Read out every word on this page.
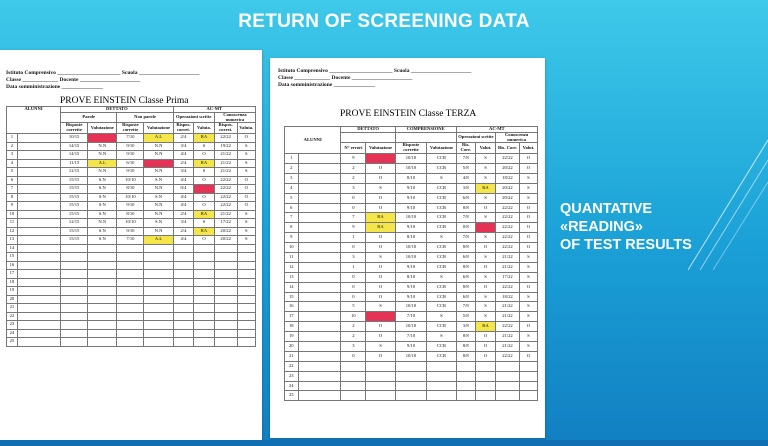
RETURN OF SCREENING DATA
QUANTATIVE
«READING»
OF TEST RESULTS
Istituto Comprensivo _______________________ Scuola ______________________
Classe _____________ Docente ______________________
Data somministrazione _______________
PROVE EINSTEIN Classe Prima
ALUNNI		DETTATO				AC-MT			
		Parole		Non parole		Operazioni scritte		Conoscenza numerica	
		Risposte corrette	Valutazione	Risposte corrette	Valutazione	Rispos. corret.	Valuta.	Rispos. corret.	Valuta.
1		10/15		7/10	A.L	2/4	RA	22/22	O
2		14/15	N.N	9/10	N.N	3/4	S	19/22	S
3		14/15	N.N	9/10	N.N	4/4	O	21/22	S
4		11/15	A.L	6/10		2/4	RA	21/22	S
5		12/15	N.N	9/10	N.N	3/4	S	21/22	S
6		15/15	S.N	10/10	S.N	4/4	O	22/22	O
7		15/15	S.N	8/10	N.N	0/4		22/22	O
8		15/15	S.N	10/10	S.N	4/4	O	22/22	O
9		15/15	S.N	9/10	N.N	4/4	O	22/22	O
10		15/15	S.N	8/10	N.N	2/4	RA	21/22	S
11		12/15	N.N	10/10	S.N	3/4	S	17/22	S
12		15/15	S.N	9/10	N.N	2/4	RA	20/22	S
13		15/15	S.N	7/10	A.L	4/4	O	20/22	S
14									
15									
16									
17									
18									
19									
20									
21									
22									
23									
24									
25									
Istituto Comprensivo _______________________ Scuola ______________________
Classe _____________ Docente ______________________
Data somministrazione _______________
PROVE EINSTEIN Classe TERZA
ALUNNI		DETTATO		COMPRENSIONE		AC-MT			
						Operazioni scritte		Conoscenza numerica	
		N° errori	Valutazione	Risposte corrette	Valutazione	Ris. Corr.	Valut.	Ris. Corr.	Valut.
1		9		10/10	CCR	7/8	S	22/22	O
2		2	O	10/10	CCR	5/8	S	20/22	O
3		2	O	8/10	S	4/8	S	18/22	S
4		3	S	9/10	CCR	3/8	RA	20/22	S
5		0	O	9/10	CCR	6/8	S	20/22	S
6		0	O	9/10	CCR	8/8	O	22/22	O
7		7	RA	10/10	CCR	7/8	S	22/22	O
8		9	RA	9/10	CCR	0/8		22/22	O
9		1	O	8/10	S	7/8	S	22/22	O
10		0	O	10/10	CCR	8/8	O	22/22	O
11		3	S	10/10	CCR	6/8	S	21/22	S
12		1	O	9/10	CCR	8/8	O	21/22	S
13		0	O	8/10	S	6/8	S	17/22	S
14		0	O	9/10	CCR	8/8	O	22/22	O
15		0	O	9/10	CCR	6/8	S	18/22	S
16		5	S	10/10	CCR	7/8	S	21/22	S
17		10		7/10	S	5/8	S	21/22	S
18		2	O	10/10	CCR	3/8	RA	22/22	O
19		2	O	7/10	S	8/8	O	21/22	S
20		3	S	9/10	CCR	8/8	O	21/22	S
21		0	O	10/10	CCR	8/8	O	22/22	O
22									
23									
24									
25									
